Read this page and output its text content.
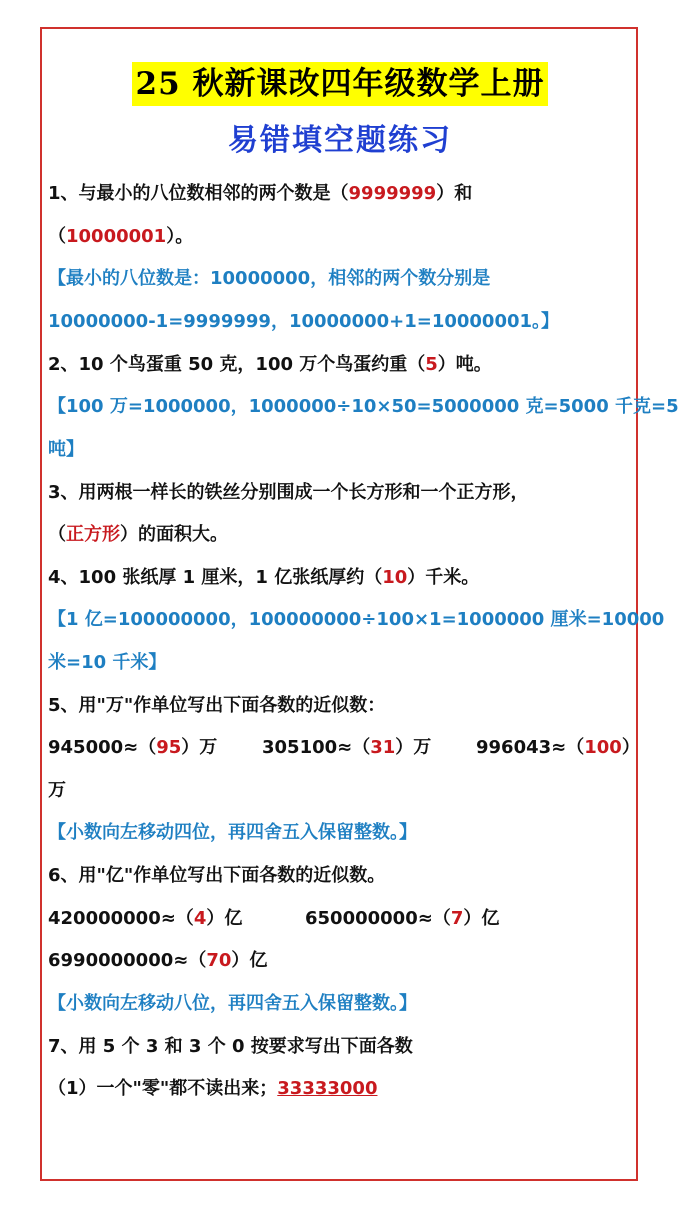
25 秋新课改四年级数学上册
易错填空题练习
1、与最小的八位数相邻的两个数是（9999999）和
（10000001）。
【最小的八位数是：10000000，相邻的两个数分别是
10000000-1=9999999，10000000+1=10000001。】
2、10 个鸟蛋重 50 克，100 万个鸟蛋约重（5）吨。
【100 万=1000000，1000000÷10×50=5000000 克=5000 千克=5
吨】
3、用两根一样长的铁丝分别围成一个长方形和一个正方形，
（正方形）的面积大。
4、100 张纸厚 1 厘米，1 亿张纸厚约（10）千米。
【1 亿=100000000，100000000÷100×1=1000000 厘米=10000
米=10 千米】
5、用"万"作单位写出下面各数的近似数：
945000≈（95）万 305100≈（31）万 996043≈（100）
万
【小数向左移动四位，再四舍五入保留整数。】
6、用"亿"作单位写出下面各数的近似数。
420000000≈（4）亿	650000000≈（7）亿
6990000000≈（70）亿
【小数向左移动八位，再四舍五入保留整数。】
7、用 5 个 3 和 3 个 0 按要求写出下面各数
（1）一个"零"都不读出来；33333000
